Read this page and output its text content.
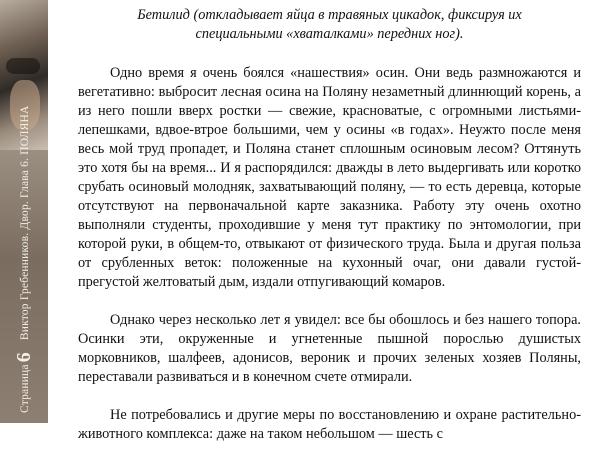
Страница6Виктор Гребенников. Двор. Глава 6. ПОЛЯНА

Бетилид (откладывает яйца в травяных цикадок, фиксируя их специальными «хваталками» передних ног).

Одно время я очень боялся «нашествия» осин. Они ведь размножаются и вегетативно: выбросит лесная осина на Поляну незаметный длиннющий корень, а из него пошли вверх ростки — свежие, красноватые, с огромными листьями-лепешками, вдвое-втрое большими, чем у осины «в годах». Неужто после меня весь мой труд пропадет, и Поляна станет сплошным осиновым лесом? Оттянуть это хотя бы на время... И я распорядился: дважды в лето выдергивать или коротко срубать осиновый молодняк, захватывающий поляну, — то есть деревца, которые отсутствуют на первоначальной карте заказника. Работу эту очень охотно выполняли студенты, проходившие у меня тут практику по энтомологии, при которой руки, в общем-то, отвыкают от физического труда. Была и другая польза от срубленных веток: положенные на кухонный очаг, они давали густой-прегустой желтоватый дым, издали отпугивающий комаров.

Однако через несколько лет я увидел: все бы обошлось и без нашего топора. Осинки эти, окруженные и угнетенные пышной порослью душистых морковников, шалфеев, адонисов, вероник и прочих зеленых хозяев Поляны, переставали развиваться и в конечном счете отмирали.

Не потребовались и другие меры по восстановлению и охране растительно-животного комплекса: даже на таком небольшом — шесть с
